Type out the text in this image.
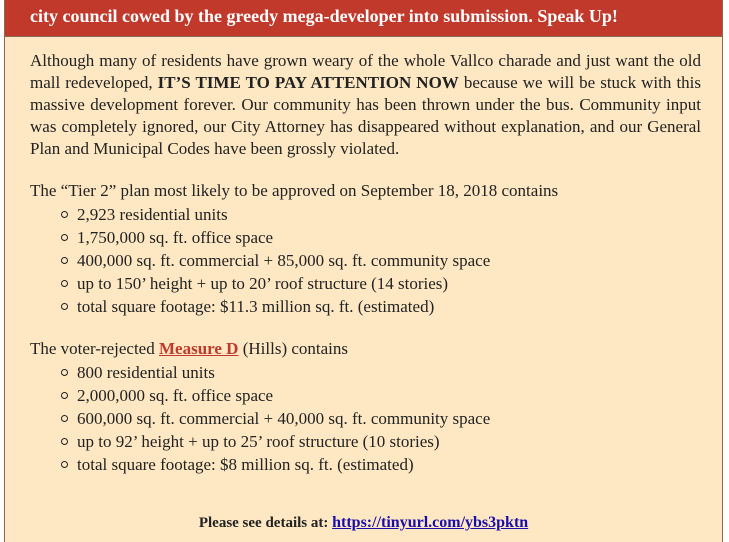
city council cowed by the greedy mega-developer into submission. Speak Up!

Although many of residents have grown weary of the whole Vallco charade and just want the old mall redeveloped, IT’S TIME TO PAY ATTENTION NOW because we will be stuck with this massive development forever. Our community has been thrown under the bus. Community input was completely ignored, our City Attorney has disappeared without explanation, and our General Plan and Municipal Codes have been grossly violated.

The “Tier 2” plan most likely to be approved on September 18, 2018 contains

2,923 residential units
1,750,000 sq. ft. office space
400,000 sq. ft. commercial + 85,000 sq. ft. community space
up to 150’ height + up to 20’ roof structure (14 stories)
total square footage: $11.3 million sq. ft. (estimated)

The voter-rejected Measure D (Hills) contains

800 residential units
2,000,000 sq. ft. office space
600,000 sq. ft. commercial + 40,000 sq. ft. community space
up to 92’ height + up to 25’ roof structure (10 stories)
total square footage: $8 million sq. ft. (estimated)
Please see details at: https://tinyurl.com/ybs3pktn
